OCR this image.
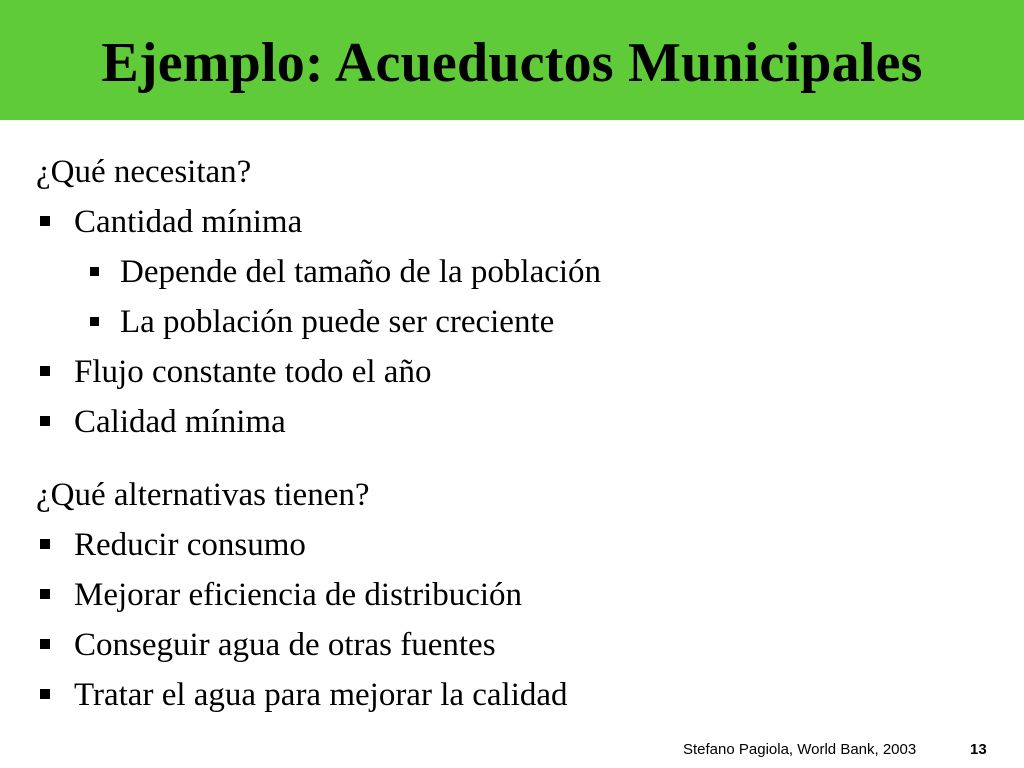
Ejemplo: Acueductos Municipales
¿Qué necesitan?
Cantidad mínima
Depende del tamaño de la población
La población puede ser creciente
Flujo constante todo el año
Calidad mínima
¿Qué alternativas tienen?
Reducir consumo
Mejorar eficiencia de distribución
Conseguir agua de otras fuentes
Tratar el agua para mejorar la calidad
Stefano Pagiola, World Bank, 2003	13
